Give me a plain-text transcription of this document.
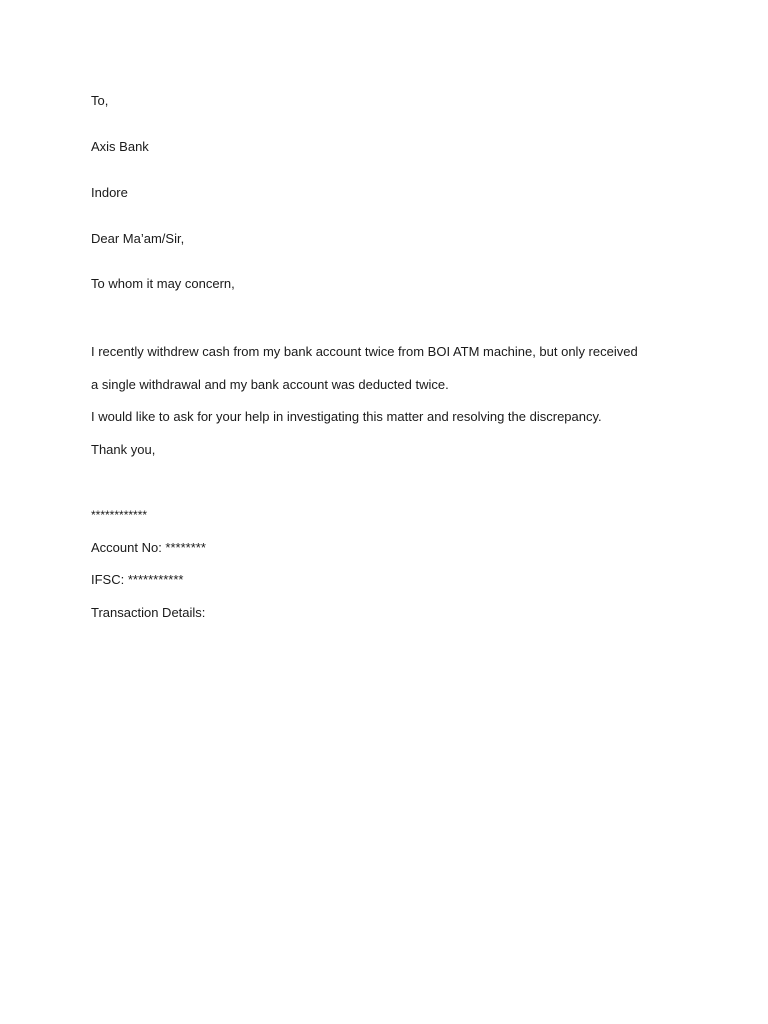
To,
Axis Bank
Indore
Dear Ma’am/Sir,
To whom it may concern,
I recently withdrew cash from my bank account twice from BOI ATM machine, but only received
a single withdrawal and my bank account was deducted twice.
I would like to ask for your help in investigating this matter and resolving the discrepancy.
Thank you,
************
Account No: ********
IFSC: ***********
Transaction Details:
